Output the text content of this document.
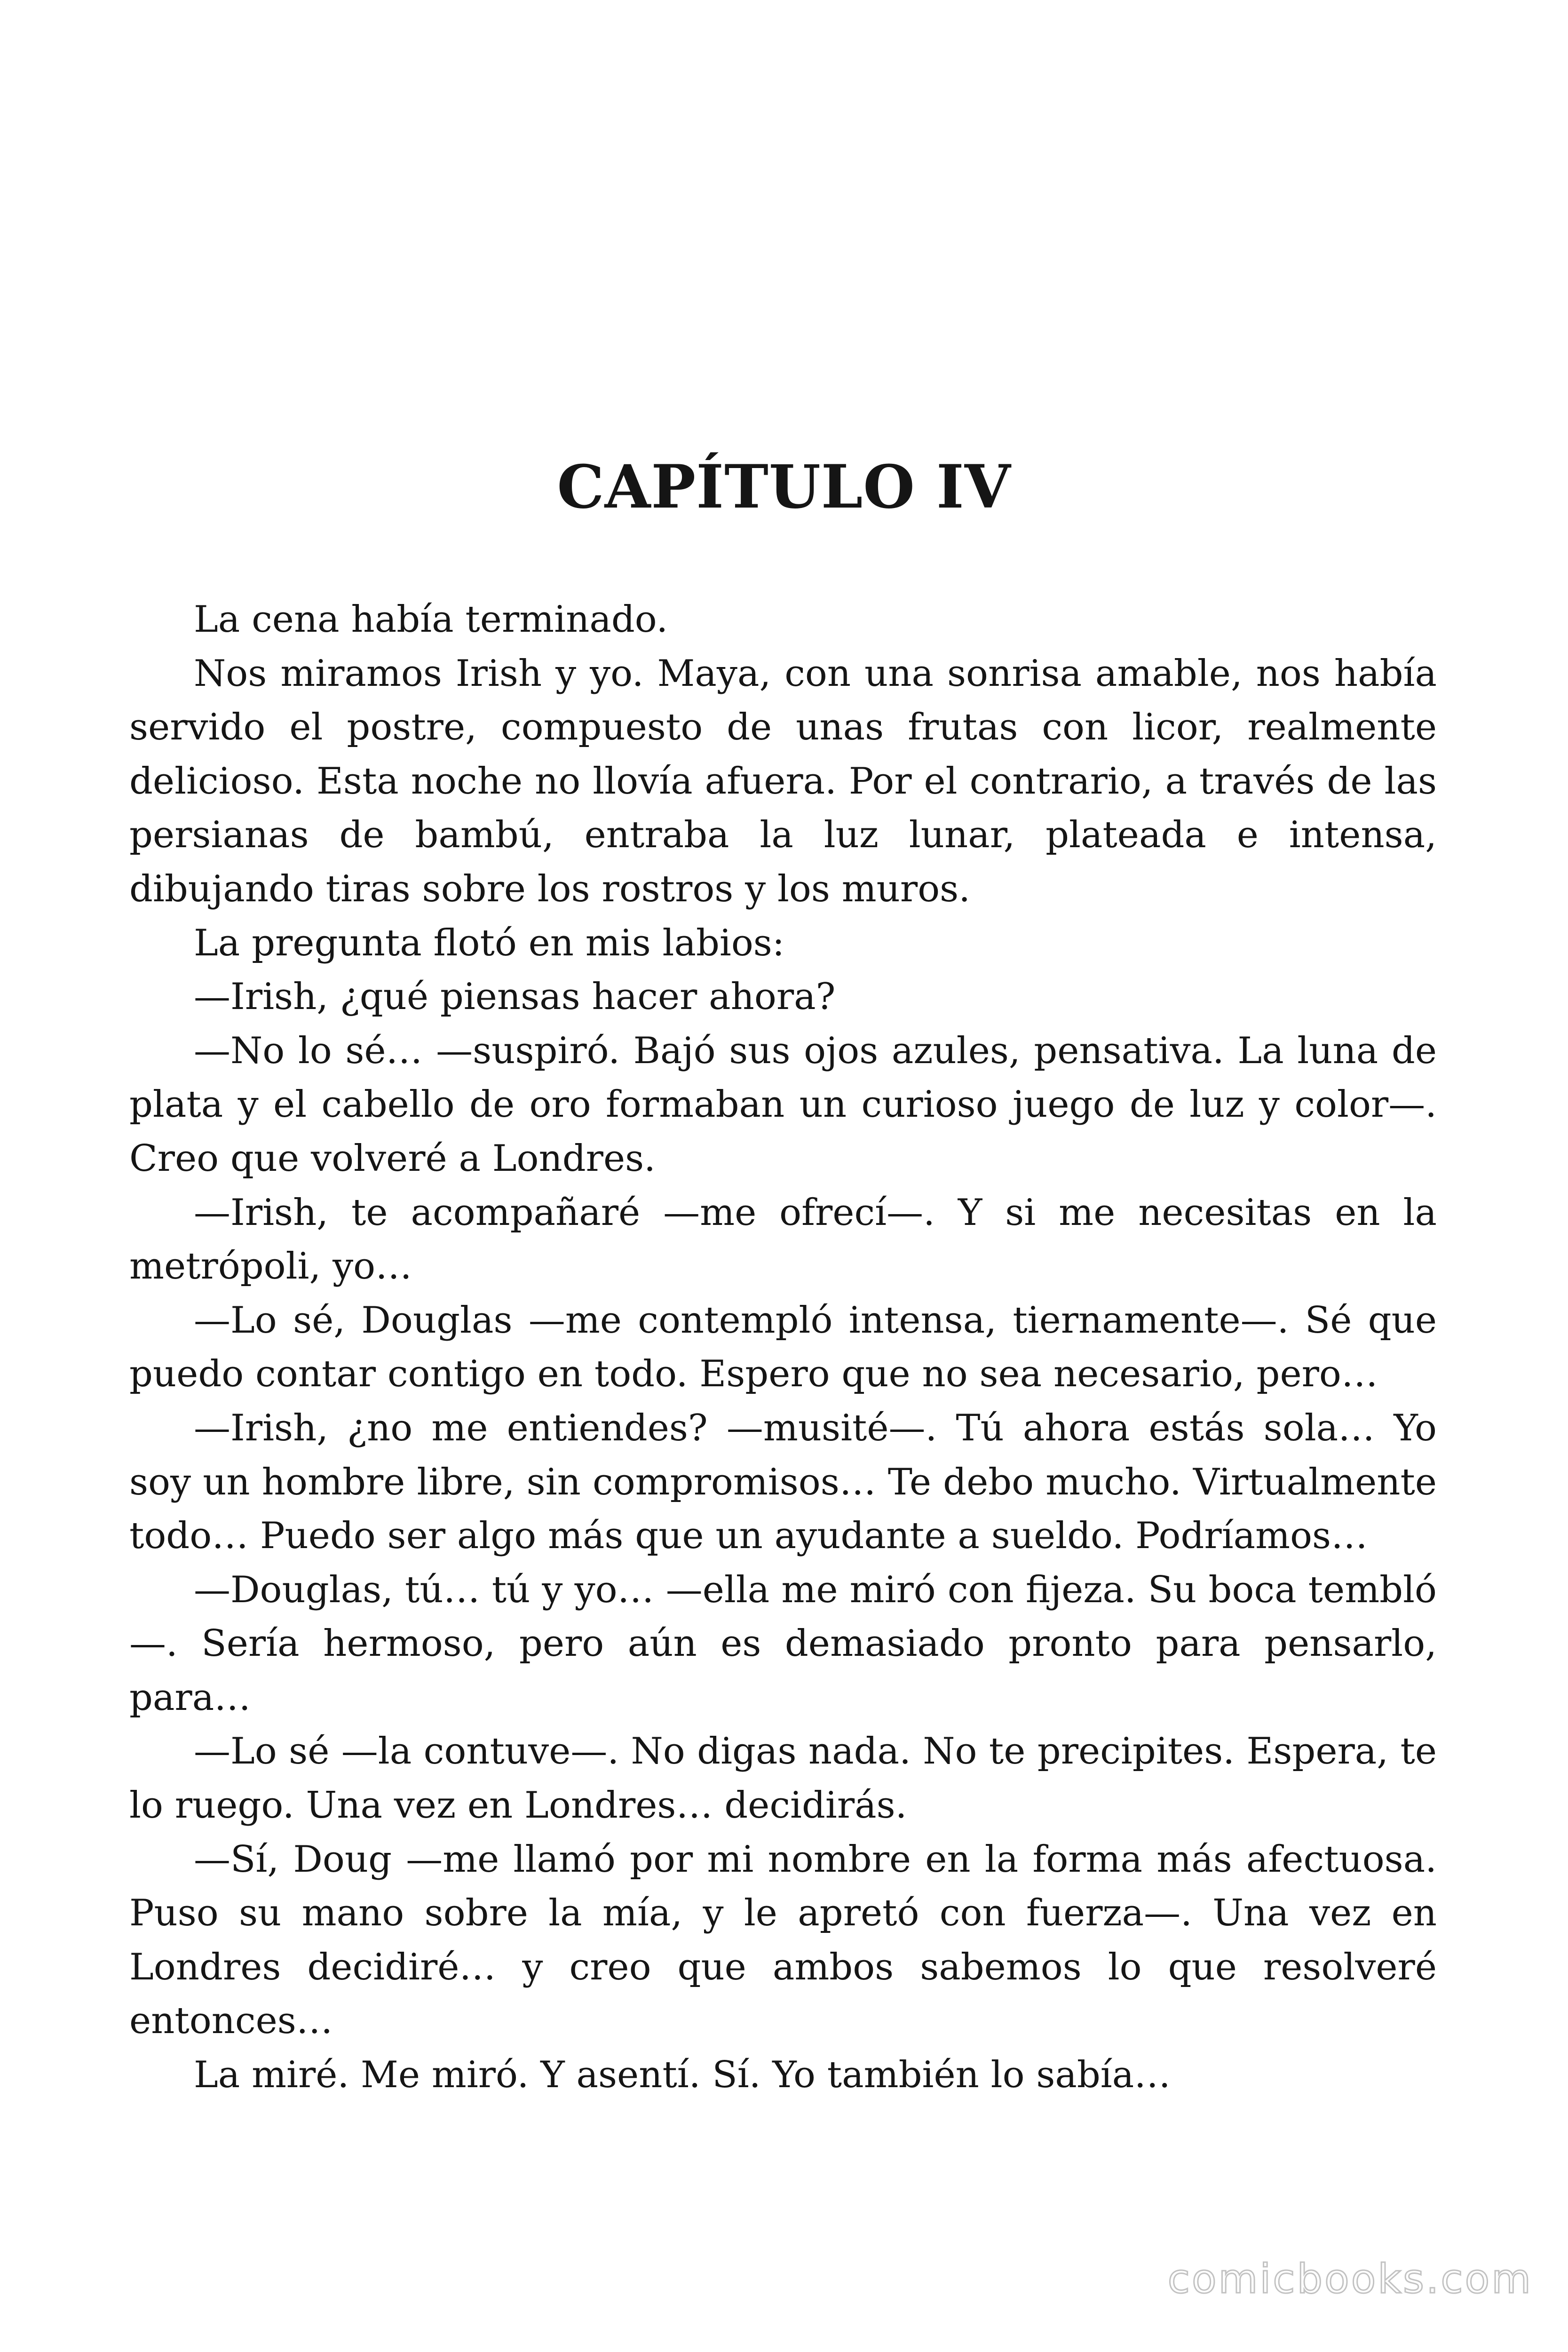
CAPÍTULO IV

La cena había terminado.

Nos miramos Irish y yo. Maya, con una sonrisa amable, nos había servido el postre, compuesto de unas frutas con licor, realmente delicioso. Esta noche no llovía afuera. Por el contrario, a través de las persianas de bambú, entraba la luz lunar, plateada e intensa, dibujando tiras sobre los rostros y los muros.

La pregunta flotó en mis labios:

—Irish, ¿qué piensas hacer ahora?

—No lo sé… —suspiró. Bajó sus ojos azules, pensativa. La luna de plata y el cabello de oro formaban un curioso juego de luz y color—. Creo que volveré a Londres.

—Irish, te acompañaré —me ofrecí—. Y si me necesitas en la metrópoli, yo…

—Lo sé, Douglas —me contempló intensa, tiernamente—. Sé que puedo contar contigo en todo. Espero que no sea necesario, pero…

—Irish, ¿no me entiendes? —musité—. Tú ahora estás sola… Yo soy un hombre libre, sin compromisos… Te debo mucho. Virtualmente todo… Puedo ser algo más que un ayudante a sueldo. Podríamos…

—Douglas, tú… tú y yo… —ella me miró con fijeza. Su boca tembló—. Sería hermoso, pero aún es demasiado pronto para pensarlo, para…

—Lo sé —la contuve—. No digas nada. No te precipites. Espera, te lo ruego. Una vez en Londres… decidirás.

—Sí, Doug —me llamó por mi nombre en la forma más afectuosa. Puso su mano sobre la mía, y le apretó con fuerza—. Una vez en Londres decidiré… y creo que ambos sabemos lo que resolveré entonces…

La miré. Me miró. Y asentí. Sí. Yo también lo sabía…

comicbooks.com
